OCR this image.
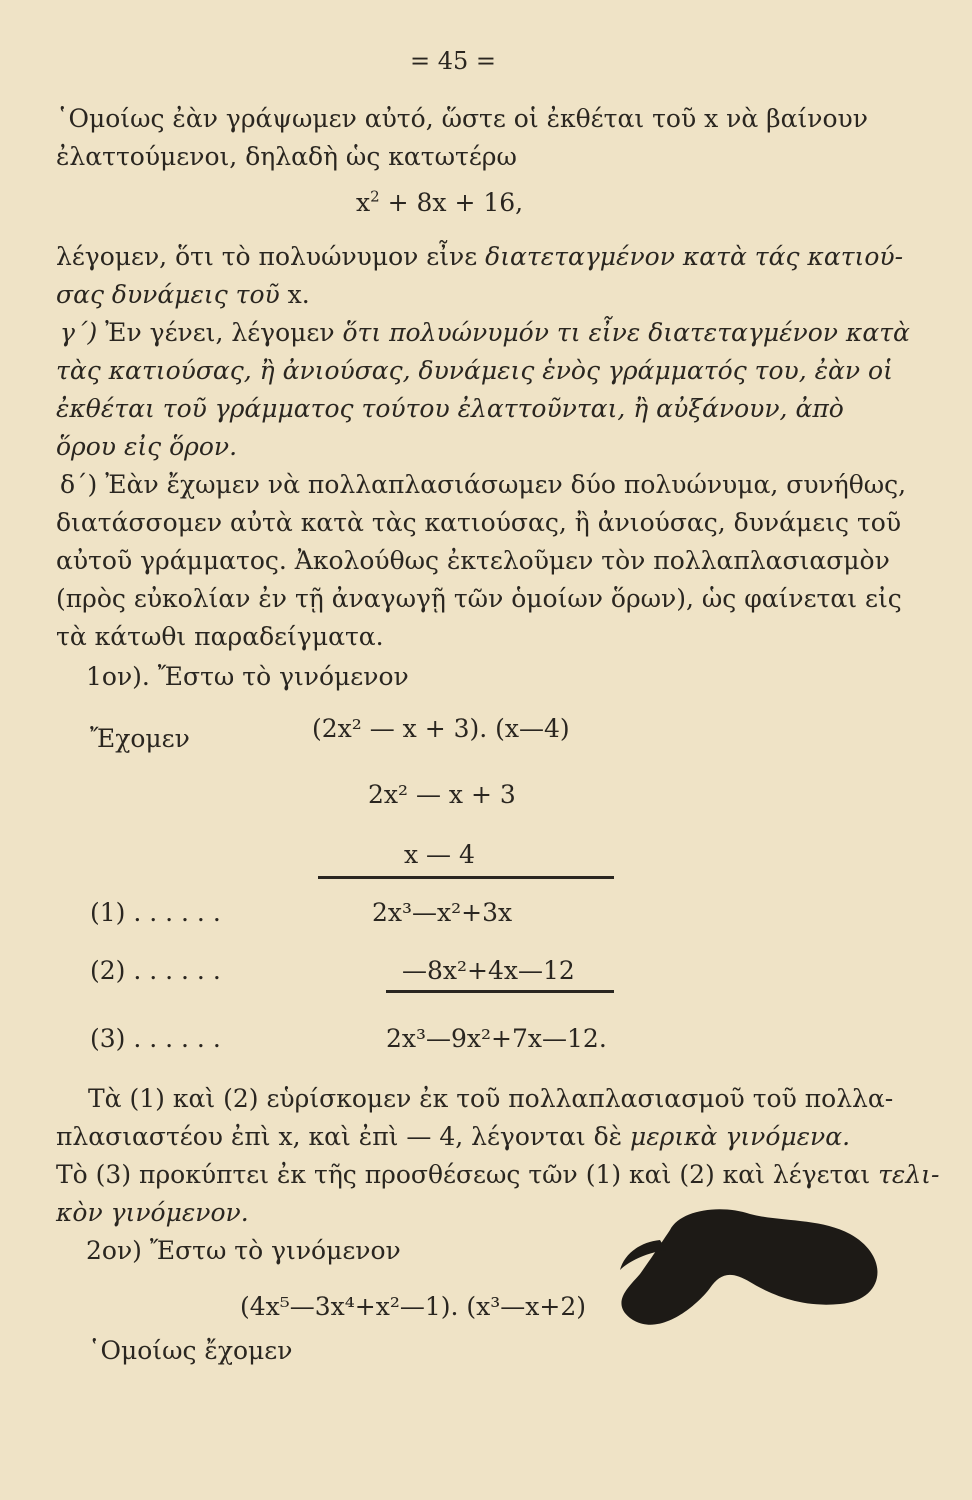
= 45 =
῾Ομοίως ἐὰν γράψωμεν αὐτό, ὥστε οἱ ἐκθέται τοῦ x νὰ βαίνουν
ἐλαττούμενοι, δηλαδὴ ὡς κατωτέρω
$x^2 + 8x + 16$,
λέγομεν, ὅτι τὸ πολυώνυμον εἶνε διατεταγμένον κατὰ τάς κατιού-
σας δυνάμεις τοῦ x.
γ΄) Ἐν γένει, λέγομεν ὅτι πολυώνυμόν τι εἶνε διατεταγμένον κατὰ
τὰς κατιούσας, ἢ ἀνιούσας, δυνάμεις ἑνὸς γράμματός του, ἐὰν οἱ
ἐκθέται τοῦ γράμματος τούτου ἐλαττοῦνται, ἢ αὐξάνουν, ἀπὸ
ὅρου εἰς ὅρον.
δ΄) Ἐὰν ἔχωμεν νὰ πολλαπλασιάσωμεν δύο πολυώνυμα, συνήθως,
διατάσσομεν αὐτὰ κατὰ τὰς κατιούσας, ἢ ἀνιούσας, δυνάμεις τοῦ
αὐτοῦ γράμματος. Ἀκολούθως ἐκτελοῦμεν τὸν πολλαπλασιασμὸν
(πρὸς εὐκολίαν ἐν τῇ ἀναγωγῇ τῶν ὁμοίων ὅρων), ὡς φαίνεται εἰς
τὰ κάτωθι παραδείγματα.
1ον). Ἔστω τὸ γινόμενον
(2x² — x + 3). (x—4)
Ἔχομεν
2x² — x + 3
x — 4
(1) . . . . . .	2x³—x²+3x
(2) . . . . . .	—8x²+4x—12
(3) . . . . . .	2x³—9x²+7x—12.
Τὰ (1) καὶ (2) εὑρίσκομεν ἐκ τοῦ πολλαπλασιασμοῦ τοῦ πολλα-
πλασιαστέου ἐπὶ x, καὶ ἐπὶ — 4, λέγονται δὲ μερικὰ γινόμενα.
Τὸ (3) προκύπτει ἐκ τῆς προσθέσεως τῶν (1) καὶ (2) καὶ λέγεται τελι-
κὸν γινόμενον.
2ον) Ἔστω τὸ γινόμενον
(4x⁵—3x⁴+x²—1). (x³—x+2)
῾Ομοίως ἔχομεν
